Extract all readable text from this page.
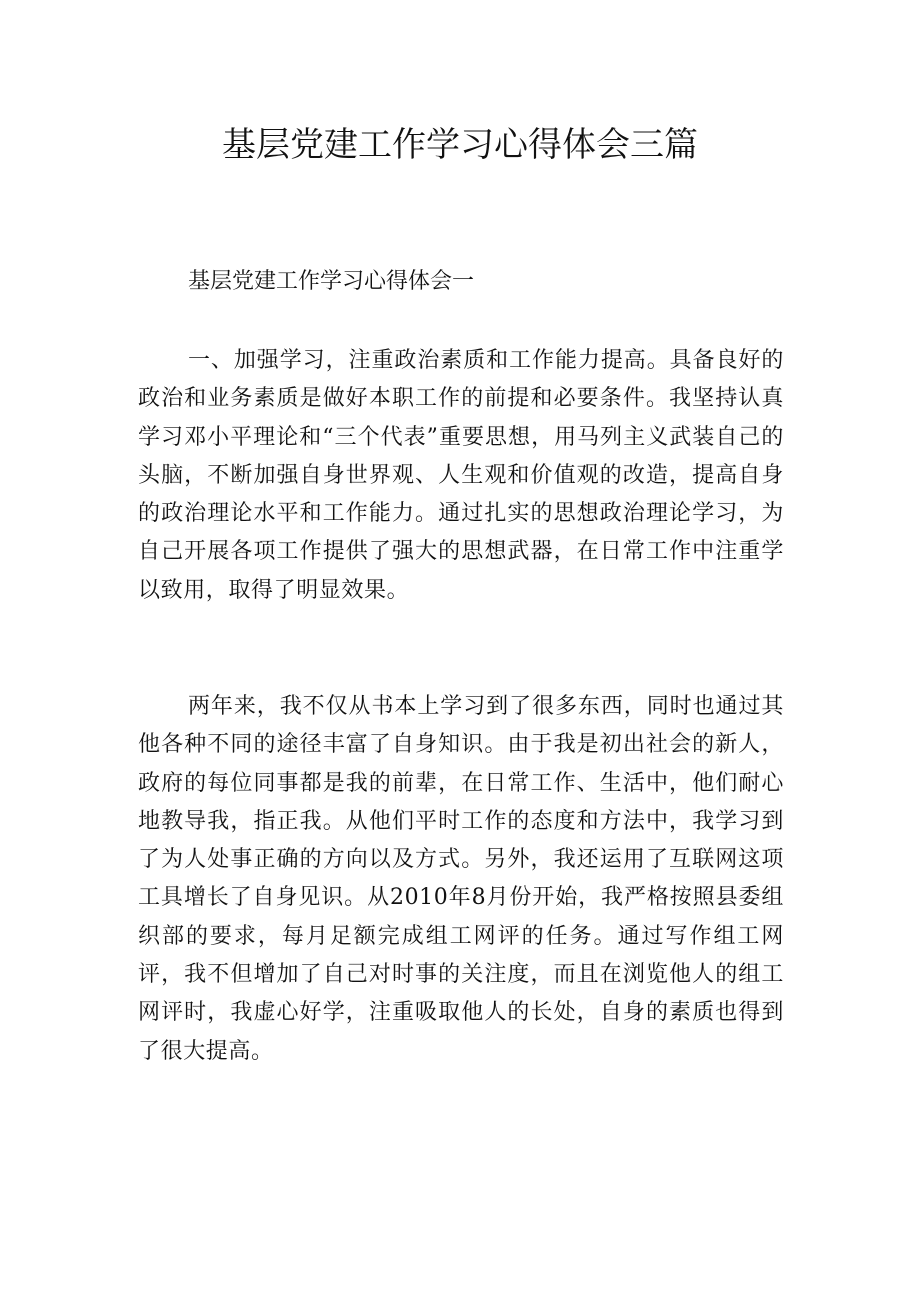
基层党建工作学习心得体会三篇

基层党建工作学习心得体会一

一、加强学习，注重政治素质和工作能力提高。具备良好的政治和业务素质是做好本职工作的前提和必要条件。我坚持认真学习邓小平理论和“三个代表”重要思想，用马列主义武装自己的头脑，不断加强自身世界观、人生观和价值观的改造，提高自身的政治理论水平和工作能力。通过扎实的思想政治理论学习，为自己开展各项工作提供了强大的思想武器，在日常工作中注重学以致用，取得了明显效果。

两年来，我不仅从书本上学习到了很多东西，同时也通过其他各种不同的途径丰富了自身知识。由于我是初出社会的新人，政府的每位同事都是我的前辈，在日常工作、生活中，他们耐心地教导我，指正我。从他们平时工作的态度和方法中，我学习到了为人处事正确的方向以及方式。另外，我还运用了互联网这项工具增长了自身见识。从2010年8月份开始，我严格按照县委组织部的要求，每月足额完成组工网评的任务。通过写作组工网评，我不但增加了自己对时事的关注度，而且在浏览他人的组工网评时，我虚心好学，注重吸取他人的长处，自身的素质也得到了很大提高。
